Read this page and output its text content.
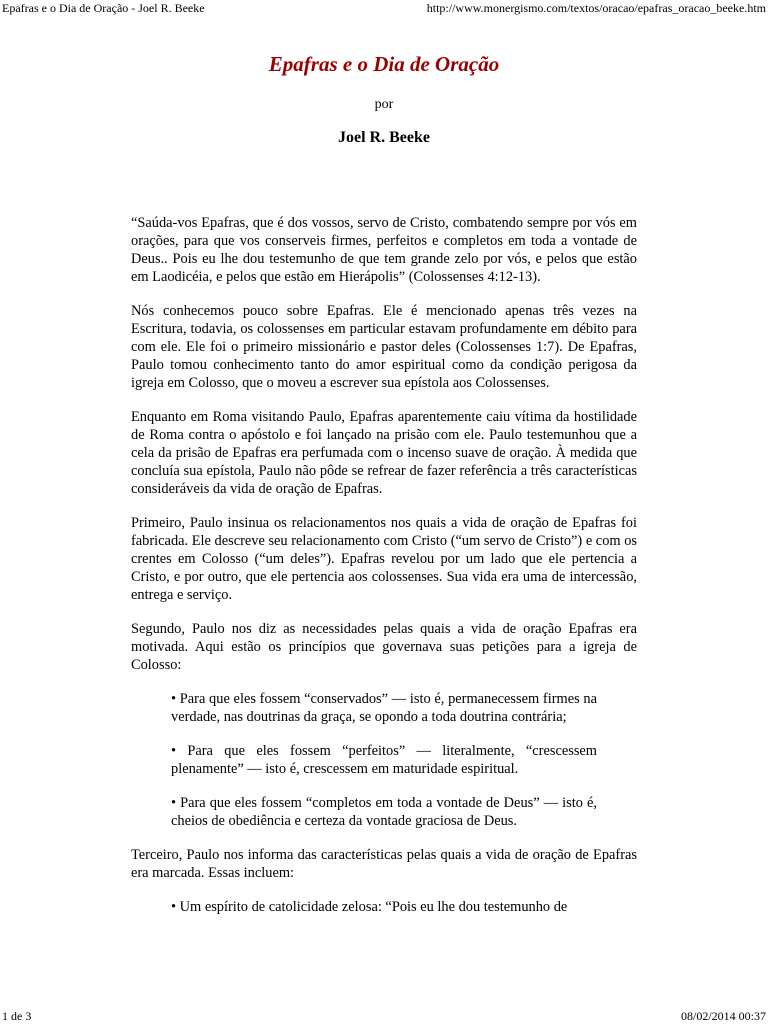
Epafras e o Dia de Oração - Joel R. Beeke	http://www.monergismo.com/textos/oracao/epafras_oracao_beeke.htm
Epafras e o Dia de Oração
por
Joel R. Beeke

“Saúda-vos Epafras, que é dos vossos, servo de Cristo, combatendo sempre por vós em orações, para que vos conserveis firmes, perfeitos e completos em toda a vontade de Deus.. Pois eu lhe dou testemunho de que tem grande zelo por vós, e pelos que estão em Laodicéia, e pelos que estão em Hierápolis” (Colossenses 4:12-13).

Nós conhecemos pouco sobre Epafras. Ele é mencionado apenas três vezes na Escritura, todavia, os colossenses em particular estavam profundamente em débito para com ele. Ele foi o primeiro missionário e pastor deles (Colossenses 1:7). De Epafras, Paulo tomou conhecimento tanto do amor espiritual como da condição perigosa da igreja em Colosso, que o moveu a escrever sua epístola aos Colossenses.

Enquanto em Roma visitando Paulo, Epafras aparentemente caiu vítima da hostilidade de Roma contra o apóstolo e foi lançado na prisão com ele. Paulo testemunhou que a cela da prisão de Epafras era perfumada com o incenso suave de oração. À medida que concluía sua epístola, Paulo não pôde se refrear de fazer referência a três características consideráveis da vida de oração de Epafras.

Primeiro, Paulo insinua os relacionamentos nos quais a vida de oração de Epafras foi fabricada. Ele descreve seu relacionamento com Cristo (“um servo de Cristo”) e com os crentes em Colosso (“um deles”). Epafras revelou por um lado que ele pertencia a Cristo, e por outro, que ele pertencia aos colossenses. Sua vida era uma de intercessão, entrega e serviço.

Segundo, Paulo nos diz as necessidades pelas quais a vida de oração Epafras era motivada. Aqui estão os princípios que governava suas petições para a igreja de Colosso:

• Para que eles fossem “conservados” — isto é, permanecessem firmes na verdade, nas doutrinas da graça, se opondo a toda doutrina contrária;

• Para que eles fossem “perfeitos” — literalmente, “crescessem plenamente” — isto é, crescessem em maturidade espiritual.

• Para que eles fossem “completos em toda a vontade de Deus” — isto é, cheios de obediência e certeza da vontade graciosa de Deus.

Terceiro, Paulo nos informa das características pelas quais a vida de oração de Epafras era marcada. Essas incluem:

• Um espírito de catolicidade zelosa: “Pois eu lhe dou testemunho de

1 de 3	08/02/2014 00:37
